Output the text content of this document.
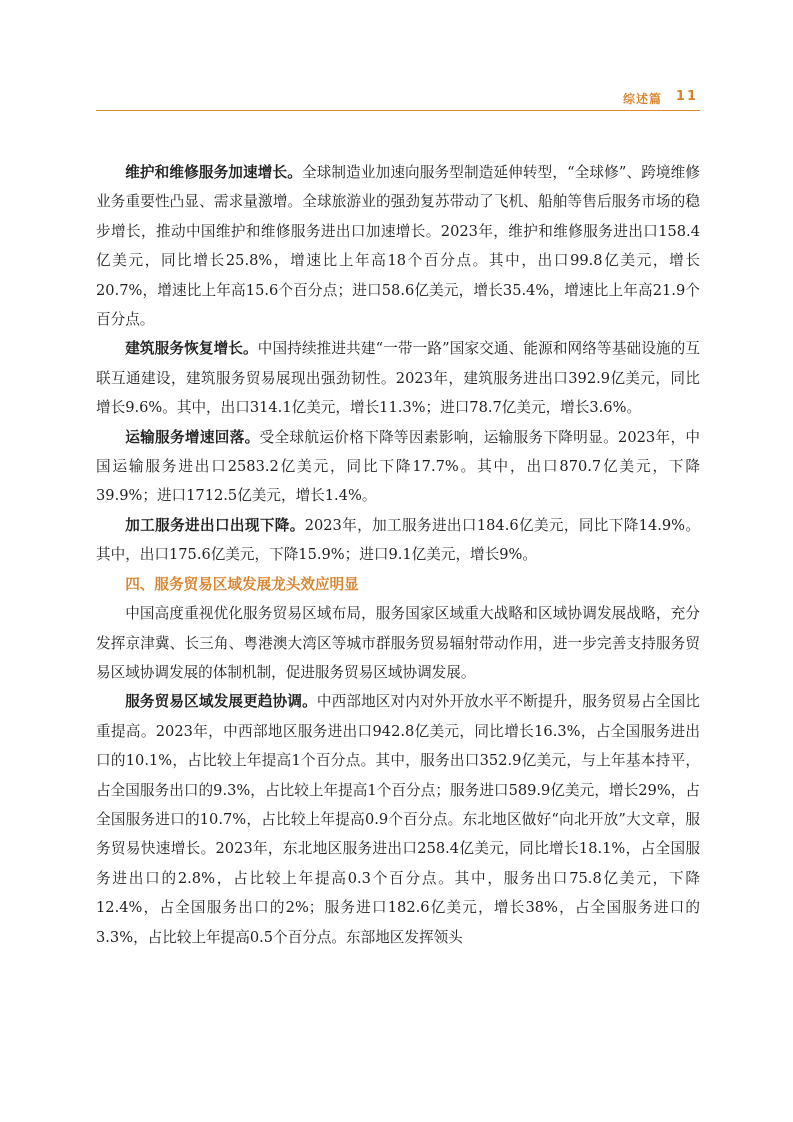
综述篇 11

维护和维修服务加速增长。全球制造业加速向服务型制造延伸转型，“全球修”、跨境维修业务重要性凸显、需求量激增。全球旅游业的强劲复苏带动了飞机、船舶等售后服务市场的稳步增长，推动中国维护和维修服务进出口加速增长。2023年，维护和维修服务进出口158.4亿美元，同比增长25.8%，增速比上年高18个百分点。其中，出口99.8亿美元，增长20.7%，增速比上年高15.6个百分点；进口58.6亿美元，增长35.4%，增速比上年高21.9个百分点。

建筑服务恢复增长。中国持续推进共建“一带一路”国家交通、能源和网络等基础设施的互联互通建设，建筑服务贸易展现出强劲韧性。2023年，建筑服务进出口392.9亿美元，同比增长9.6%。其中，出口314.1亿美元，增长11.3%；进口78.7亿美元，增长3.6%。

运输服务增速回落。受全球航运价格下降等因素影响，运输服务下降明显。2023年，中国运输服务进出口2583.2亿美元，同比下降17.7%。其中，出口870.7亿美元，下降39.9%；进口1712.5亿美元，增长1.4%。

加工服务进出口出现下降。2023年，加工服务进出口184.6亿美元，同比下降14.9%。其中，出口175.6亿美元，下降15.9%；进口9.1亿美元，增长9%。

四、服务贸易区域发展龙头效应明显

中国高度重视优化服务贸易区域布局，服务国家区域重大战略和区域协调发展战略，充分发挥京津冀、长三角、粤港澳大湾区等城市群服务贸易辐射带动作用，进一步完善支持服务贸易区域协调发展的体制机制，促进服务贸易区域协调发展。

服务贸易区域发展更趋协调。中西部地区对内对外开放水平不断提升，服务贸易占全国比重提高。2023年，中西部地区服务进出口942.8亿美元，同比增长16.3%，占全国服务进出口的10.1%，占比较上年提高1个百分点。其中，服务出口352.9亿美元，与上年基本持平，占全国服务出口的9.3%，占比较上年提高1个百分点；服务进口589.9亿美元，增长29%，占全国服务进口的10.7%，占比较上年提高0.9个百分点。东北地区做好“向北开放”大文章，服务贸易快速增长。2023年，东北地区服务进出口258.4亿美元，同比增长18.1%，占全国服务进出口的2.8%，占比较上年提高0.3个百分点。其中，服务出口75.8亿美元，下降12.4%，占全国服务出口的2%；服务进口182.6亿美元，增长38%，占全国服务进口的3.3%，占比较上年提高0.5个百分点。东部地区发挥领头
